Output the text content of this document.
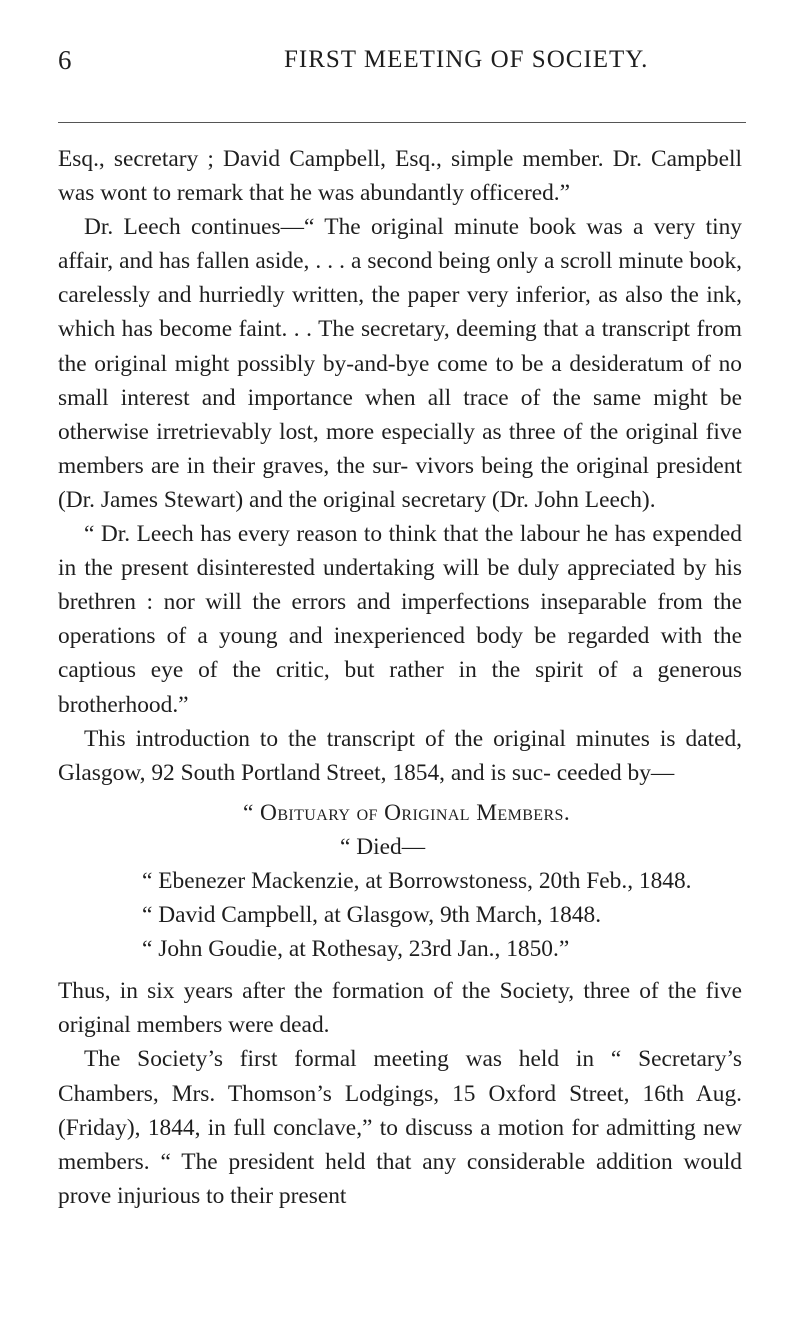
6	FIRST MEETING OF SOCIETY.

Esq., secretary ; David Campbell, Esq., simple member. Dr. Campbell was wont to remark that he was abundantly officered.”

Dr. Leech continues—“ The original minute book was a very tiny affair, and has fallen aside, . . . a second being only a scroll minute book, carelessly and hurriedly written, the paper very inferior, as also the ink, which has become faint. . . The secretary, deeming that a transcript from the original might possibly by-and-bye come to be a desideratum of no small interest and importance when all trace of the same might be otherwise irretrievably lost, more especially as three of the original five members are in their graves, the sur- vivors being the original president (Dr. James Stewart) and the original secretary (Dr. John Leech).

“ Dr. Leech has every reason to think that the labour he has expended in the present disinterested undertaking will be duly appreciated by his brethren : nor will the errors and imperfections inseparable from the operations of a young and inexperienced body be regarded with the captious eye of the critic, but rather in the spirit of a generous brotherhood.”

This introduction to the transcript of the original minutes is dated, Glasgow, 92 South Portland Street, 1854, and is suc- ceeded by—

“ Obituary of Original Members.
“ Died—
“ Ebenezer Mackenzie, at Borrowstoness, 20th Feb., 1848.
“ David Campbell, at Glasgow, 9th March, 1848.
“ John Goudie, at Rothesay, 23rd Jan., 1850.”

Thus, in six years after the formation of the Society, three of the five original members were dead.

The Society’s first formal meeting was held in “ Secretary’s Chambers, Mrs. Thomson’s Lodgings, 15 Oxford Street, 16th Aug. (Friday), 1844, in full conclave,” to discuss a motion for admitting new members. “ The president held that any considerable addition would prove injurious to their present
